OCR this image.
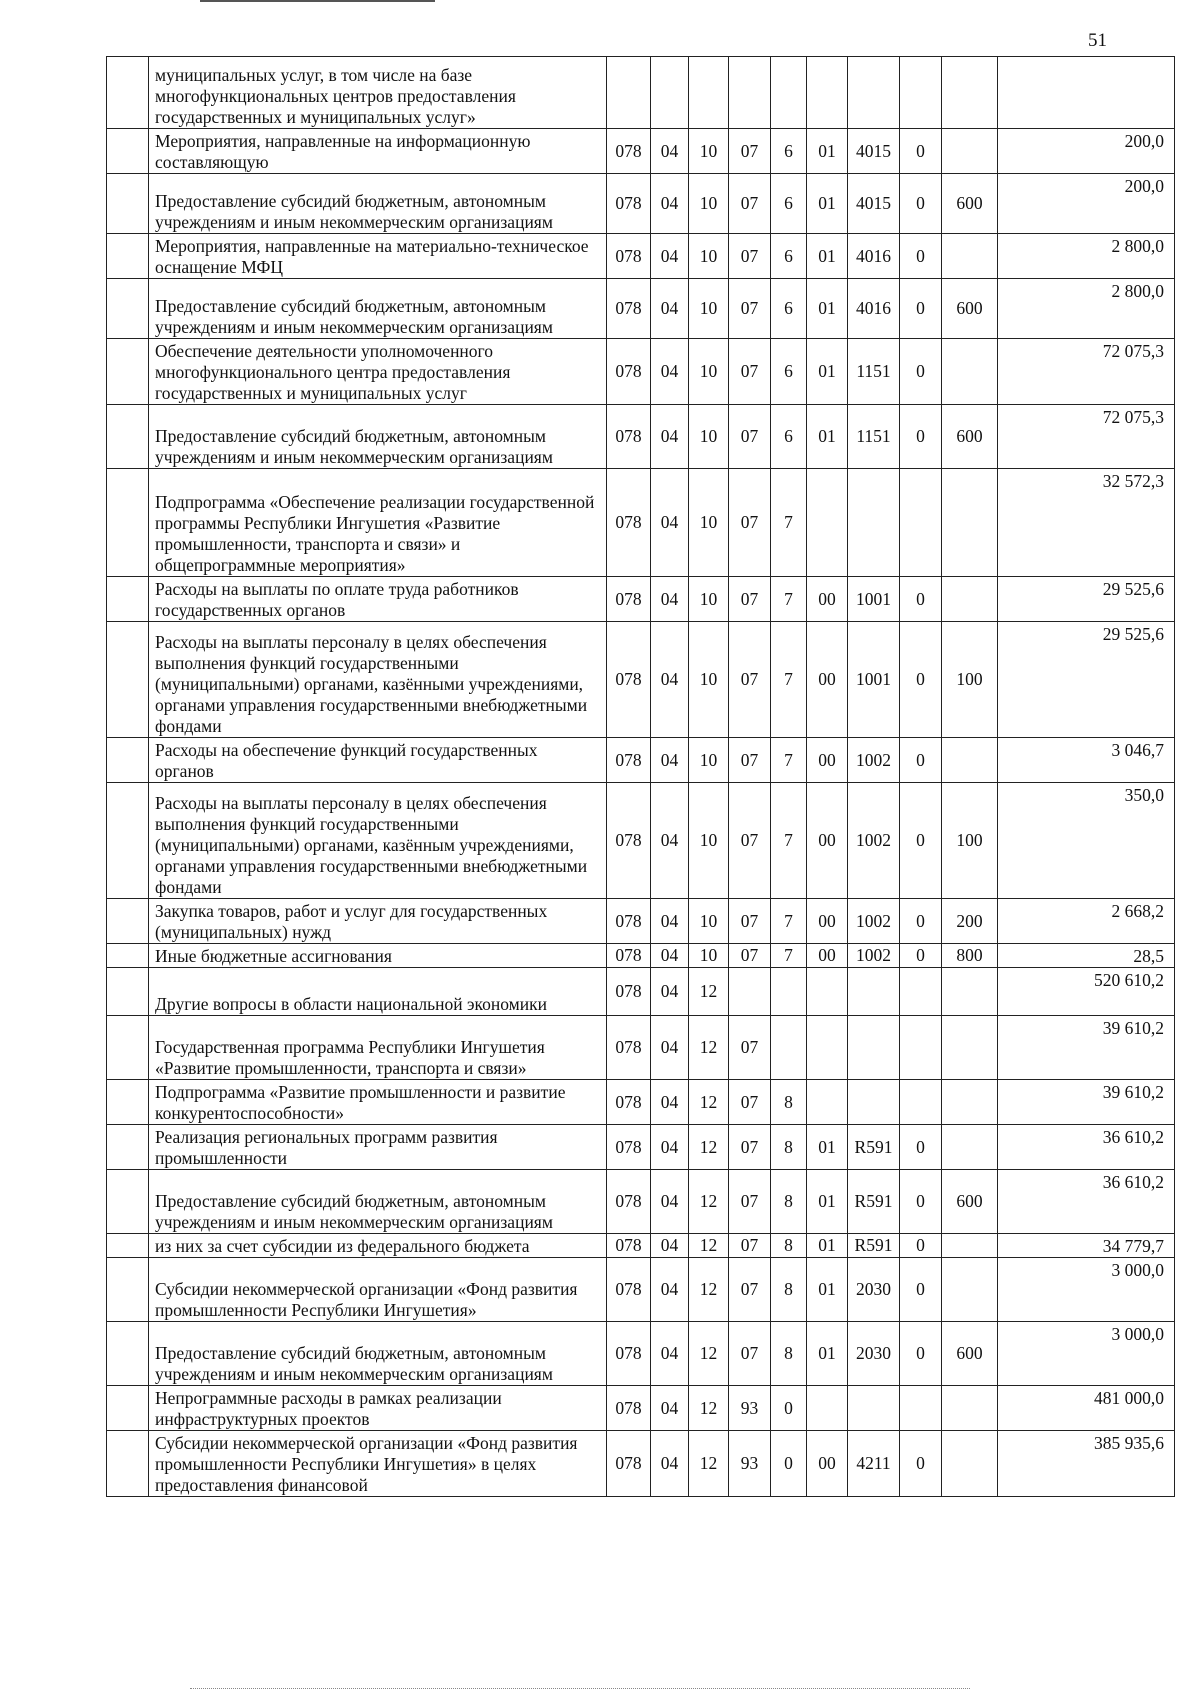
51
	муниципальных услуг, в том числе на базе многофункциональных центров предоставления государственных и муниципальных услуг»										
	Мероприятия, направленные на информационную составляющую	078	04	10	07	6	01	4015	0		200,0
	Предоставление субсидий бюджетным, автономным учреждениям и иным некоммерческим организациям	078	04	10	07	6	01	4015	0	600	200,0
	Мероприятия, направленные на материально-техническое оснащение МФЦ	078	04	10	07	6	01	4016	0		2 800,0
	Предоставление субсидий бюджетным, автономным учреждениям и иным некоммерческим организациям	078	04	10	07	6	01	4016	0	600	2 800,0
	Обеспечение деятельности уполномоченного многофункционального центра предоставления государственных и муниципальных услуг	078	04	10	07	6	01	1151	0		72 075,3
	Предоставление субсидий бюджетным, автономным учреждениям и иным некоммерческим организациям	078	04	10	07	6	01	1151	0	600	72 075,3
	Подпрограмма «Обеспечение реализации государственной программы Республики Ингушетия «Развитие промышленности, транспорта и связи» и общепрограммные мероприятия»	078	04	10	07	7					32 572,3
	Расходы на выплаты по оплате труда работников государственных органов	078	04	10	07	7	00	1001	0		29 525,6
	Расходы на выплаты персоналу в целях обеспечения выполнения функций государственными (муниципальными) органами, казёнными учреждениями, органами управления государственными внебюджетными фондами	078	04	10	07	7	00	1001	0	100	29 525,6
	Расходы на обеспечение функций государственных органов	078	04	10	07	7	00	1002	0		3 046,7
	Расходы на выплаты персоналу в целях обеспечения выполнения функций государственными (муниципальными) органами, казённым учреждениями, органами управления государственными внебюджетными фондами	078	04	10	07	7	00	1002	0	100	350,0
	Закупка товаров, работ и услуг для государственных (муниципальных) нужд	078	04	10	07	7	00	1002	0	200	2 668,2
	Иные бюджетные ассигнования	078	04	10	07	7	00	1002	0	800	28,5
	Другие вопросы в области национальной экономики	078	04	12							520 610,2
	Государственная программа Республики Ингушетия «Развитие промышленности, транспорта и связи»	078	04	12	07						39 610,2
	Подпрограмма «Развитие промышленности и развитие конкурентоспособности»	078	04	12	07	8					39 610,2
	Реализация региональных программ развития промышленности	078	04	12	07	8	01	R591	0		36 610,2
	Предоставление субсидий бюджетным, автономным учреждениям и иным некоммерческим организациям	078	04	12	07	8	01	R591	0	600	36 610,2
	из них за счет субсидии из федерального бюджета	078	04	12	07	8	01	R591	0		34 779,7
	Субсидии некоммерческой организации «Фонд развития промышленности Республики Ингушетия»	078	04	12	07	8	01	2030	0		3 000,0
	Предоставление субсидий бюджетным, автономным учреждениям и иным некоммерческим организациям	078	04	12	07	8	01	2030	0	600	3 000,0
	Непрограммные расходы в рамках реализации инфраструктурных проектов	078	04	12	93	0					481 000,0
	Субсидии некоммерческой организации «Фонд развития промышленности Республики Ингушетия» в целях предоставления финансовой	078	04	12	93	0	00	4211	0		385 935,6
